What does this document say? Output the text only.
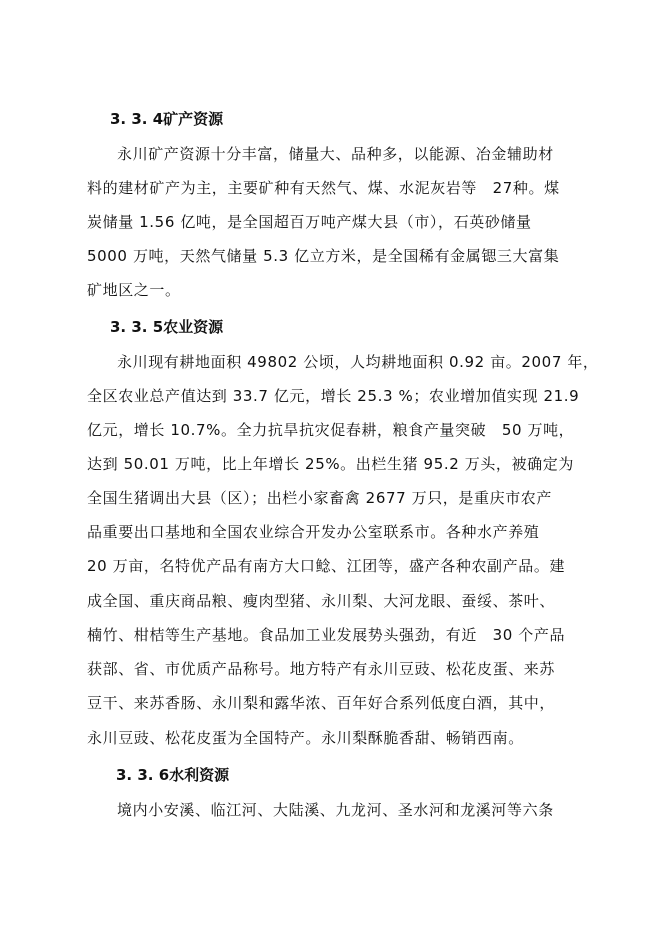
3. 3. 4矿产资源
永川矿产资源十分丰富，储量大、品种多，以能源、冶金辅助材
料的建材矿产为主，主要矿种有天然气、煤、水泥灰岩等　27种。煤
炭储量 1.56 亿吨，是全国超百万吨产煤大县（市），石英砂储量
5000 万吨，天然气储量 5.3 亿立方米，是全国稀有金属锶三大富集
矿地区之一。
3. 3. 5农业资源
永川现有耕地面积 49802 公顷，人均耕地面积 0.92 亩。2007 年，
全区农业总产值达到 33.7 亿元，增长 25.3 %；农业增加值实现 21.9
亿元，增长 10.7%。全力抗旱抗灾促春耕，粮食产量突破　50 万吨，
达到 50.01 万吨，比上年增长 25%。出栏生猪 95.2 万头，被确定为
全国生猪调出大县（区）；出栏小家畜禽 2677 万只，是重庆市农产
品重要出口基地和全国农业综合开发办公室联系市。各种水产养殖
20 万亩，名特优产品有南方大口鲶、江团等，盛产各种农副产品。建
成全国、重庆商品粮、瘦肉型猪、永川梨、大河龙眼、蚕绥、茶叶、
楠竹、柑桔等生产基地。食品加工业发展势头强劲，有近　30 个产品
获部、省、市优质产品称号。地方特产有永川豆豉、松花皮蛋、来苏
豆干、来苏香肠、永川梨和露华浓、百年好合系列低度白酒，其中，
永川豆豉、松花皮蛋为全国特产。永川梨酥脆香甜、畅销西南。
3. 3. 6水利资源
境内小安溪、临江河、大陆溪、九龙河、圣水河和龙溪河等六条
